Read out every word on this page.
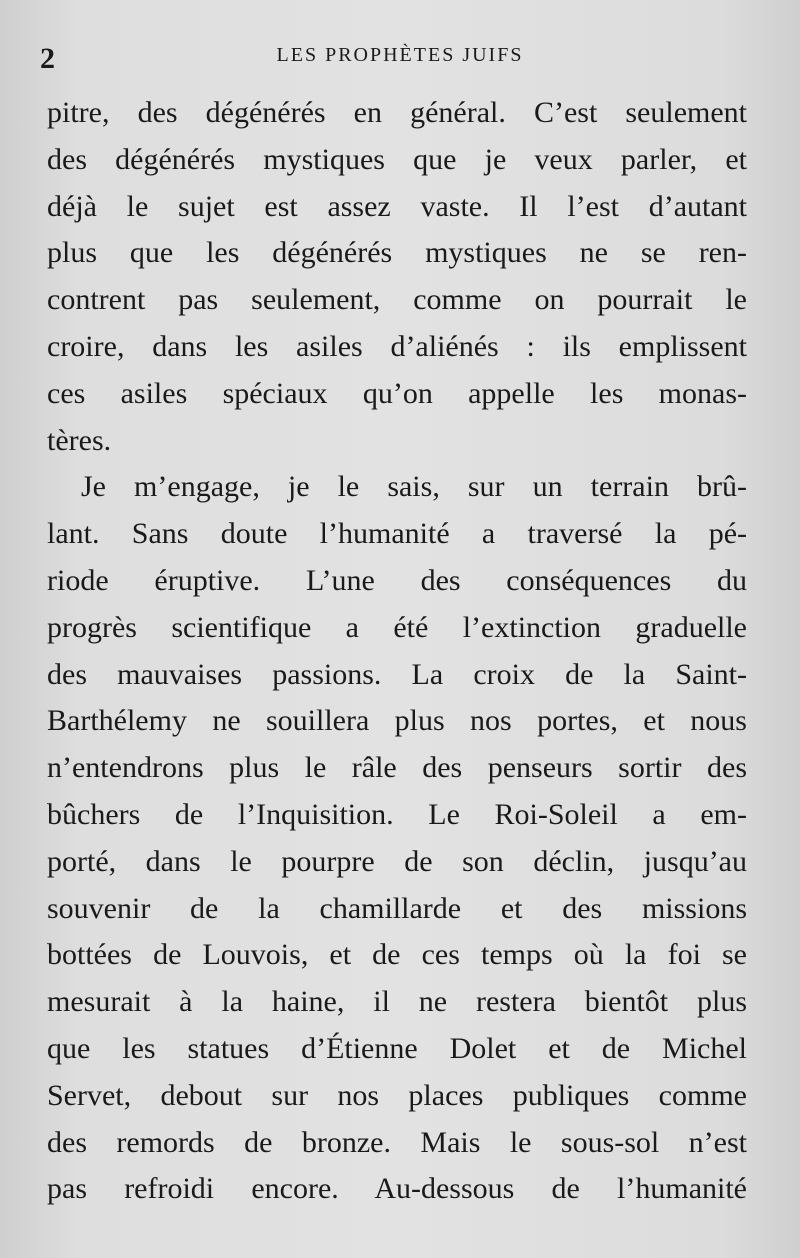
2	LES PROPHÈTES JUIFS
pitre, des dégénérés en général. C’est seulement
des dégénérés mystiques que je veux parler, et
déjà le sujet est assez vaste. Il l’est d’autant
plus que les dégénérés mystiques ne se ren-
contrent pas seulement, comme on pourrait le
croire, dans les asiles d’aliénés : ils emplissent
ces asiles spéciaux qu’on appelle les monas-
tères.
Je m’engage, je le sais, sur un terrain brû-
lant. Sans doute l’humanité a traversé la pé-
riode éruptive. L’une des conséquences du
progrès scientifique a été l’extinction graduelle
des mauvaises passions. La croix de la Saint-
Barthélemy ne souillera plus nos portes, et nous
n’entendrons plus le râle des penseurs sortir des
bûchers de l’Inquisition. Le Roi-Soleil a em-
porté, dans le pourpre de son déclin, jusqu’au
souvenir de la chamillarde et des missions
bottées de Louvois, et de ces temps où la foi se
mesurait à la haine, il ne restera bientôt plus
que les statues d’Étienne Dolet et de Michel
Servet, debout sur nos places publiques comme
des remords de bronze. Mais le sous-sol n’est
pas refroidi encore. Au-dessous de l’humanité
